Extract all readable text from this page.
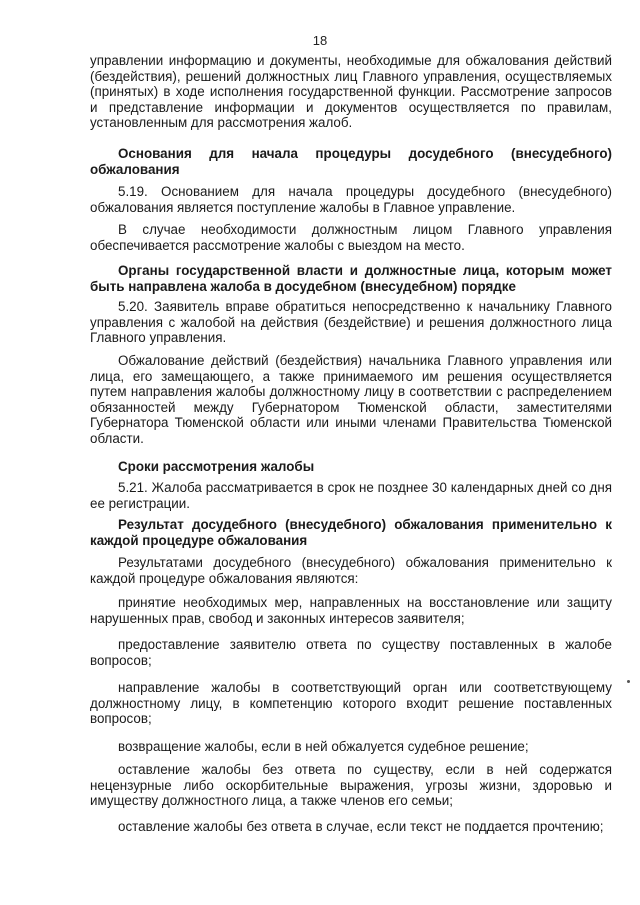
18

управлении информацию и документы, необходимые для обжалования действий (бездействия), решений должностных лиц Главного управления, осуществляемых (принятых) в ходе исполнения государственной функции. Рассмотрение запросов и представление информации и документов осуществляется по правилам, установленным для рассмотрения жалоб.

Основания для начала процедуры досудебного (внесудебного) обжалования

5.19. Основанием для начала процедуры досудебного (внесудебного) обжалования является поступление жалобы в Главное управление.

В случае необходимости должностным лицом Главного управления обеспечивается рассмотрение жалобы с выездом на место.

Органы государственной власти и должностные лица, которым может быть направлена жалоба в досудебном (внесудебном) порядке

5.20. Заявитель вправе обратиться непосредственно к начальнику Главного управления с жалобой на действия (бездействие) и решения должностного лица Главного управления.

Обжалование действий (бездействия) начальника Главного управления или лица, его замещающего, а также принимаемого им решения осуществляется путем направления жалобы должностному лицу в соответствии с распределением обязанностей между Губернатором Тюменской области, заместителями Губернатора Тюменской области или иными членами Правительства Тюменской области.

Сроки рассмотрения жалобы

5.21. Жалоба рассматривается в срок не позднее 30 календарных дней со дня ее регистрации.

Результат досудебного (внесудебного) обжалования применительно к каждой процедуре обжалования

Результатами досудебного (внесудебного) обжалования применительно к каждой процедуре обжалования являются:

принятие необходимых мер, направленных на восстановление или защиту нарушенных прав, свобод и законных интересов заявителя;

предоставление заявителю ответа по существу поставленных в жалобе вопросов;

направление жалобы в соответствующий орган или соответствующему должностному лицу, в компетенцию которого входит решение поставленных вопросов;

возвращение жалобы, если в ней обжалуется судебное решение;

оставление жалобы без ответа по существу, если в ней содержатся нецензурные либо оскорбительные выражения, угрозы жизни, здоровью и имуществу должностного лица, а также членов его семьи;

оставление жалобы без ответа в случае, если текст не поддается прочтению;
